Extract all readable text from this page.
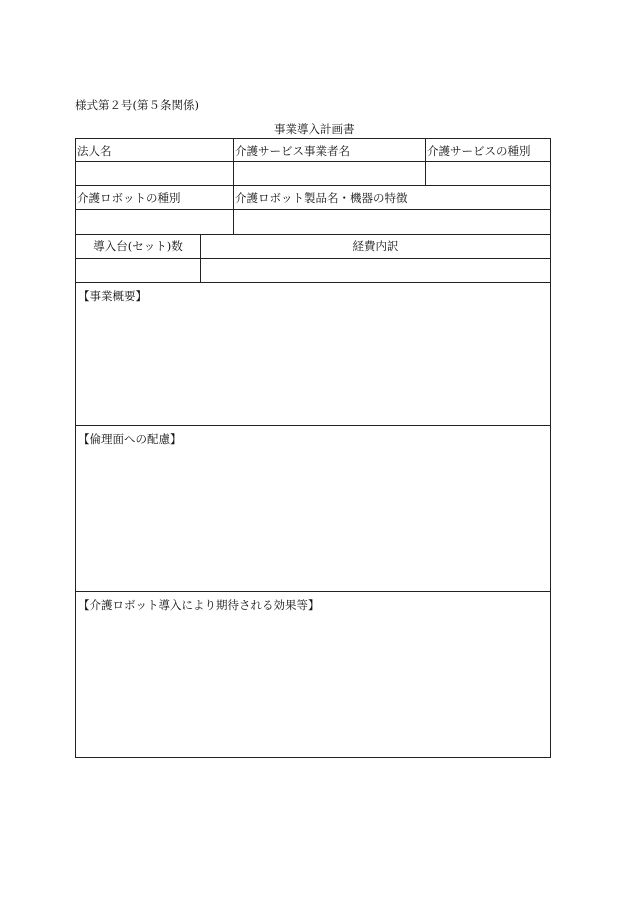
様式第２号(第５条関係)
事業導入計画書
法人名	介護サービス事業者名	介護サービスの種別
介護ロボットの種別	介護ロボット製品名・機器の特徴
導入台(セット)数	経費内訳
【事業概要】
【倫理面への配慮】
【介護ロボット導入により期待される効果等】
